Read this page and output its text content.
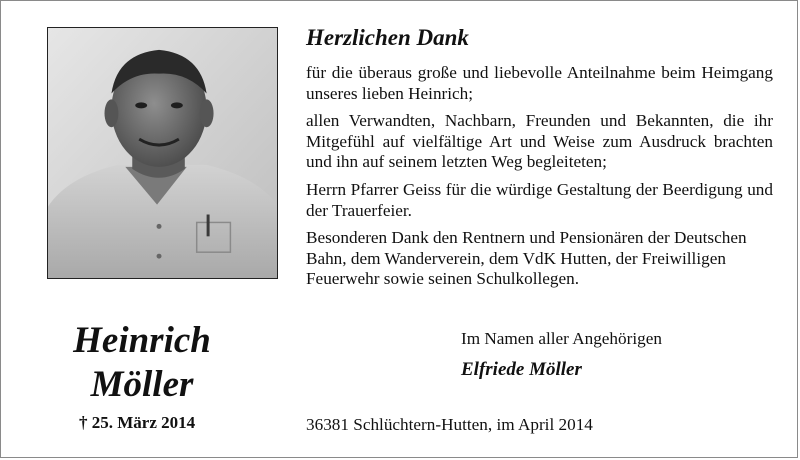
Herzlichen Dank

für die überaus große und liebevolle Anteilnahme beim Heimgang unseres lieben Heinrich;

allen Verwandten, Nachbarn, Freunden und Bekannten, die ihr Mitgefühl auf vielfältige Art und Weise zum Ausdruck brachten und ihn auf seinem letzten Weg begleiteten;

Herrn Pfarrer Geiss für die würdige Gestaltung der Beerdigung und der Trauerfeier.

Besonderen Dank den Rentnern und Pensionären der Deutschen Bahn, dem Wanderverein, dem VdK Hutten, der Freiwilligen Feuerwehr sowie seinen Schulkollegen.

Heinrich
Möller
† 25. März 2014
Im Namen aller Angehörigen
Elfriede Möller
36381 Schlüchtern-Hutten, im April 2014
